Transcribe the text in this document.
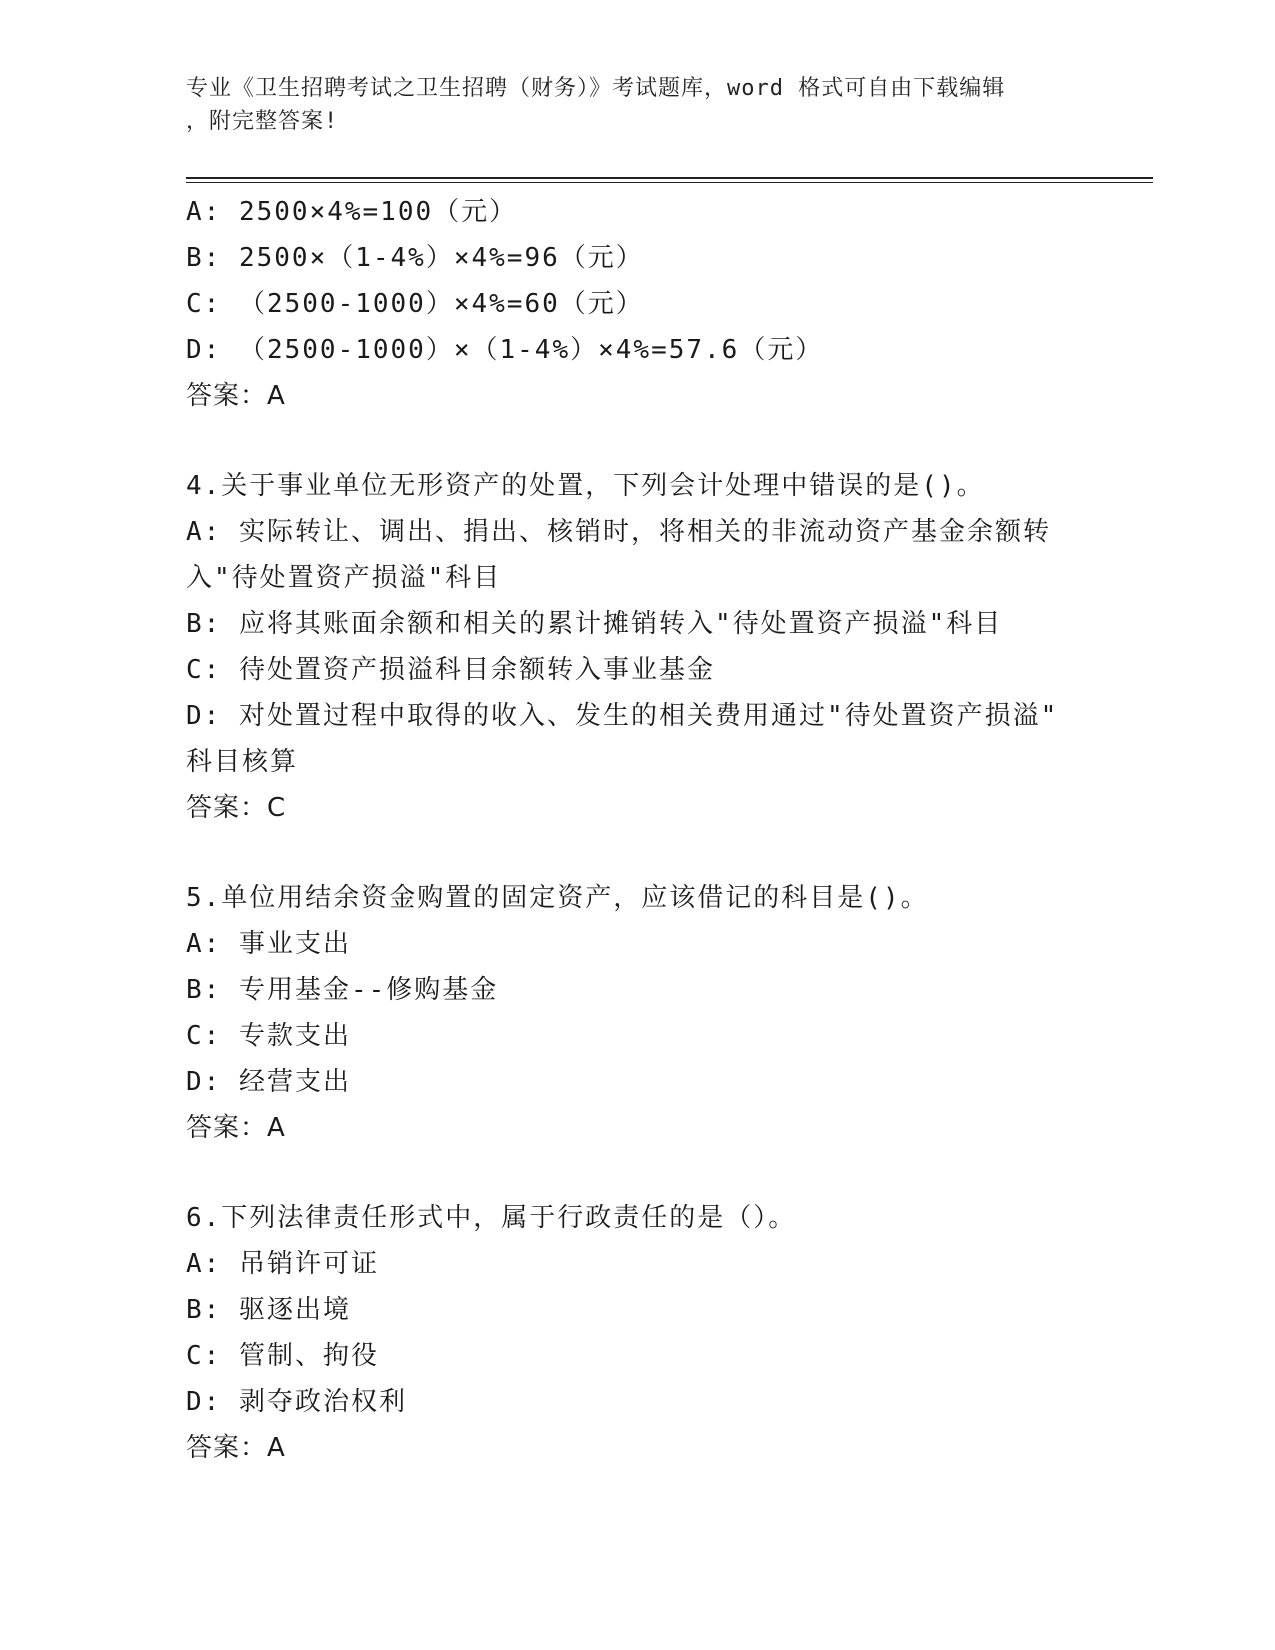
专业《卫生招聘考试之卫生招聘（财务）》考试题库，word 格式可自由下载编辑
，附完整答案!
A: 2500×4%=100（元）
B: 2500×（1-4%）×4%=96（元）
C: （2500-1000）×4%=60（元）
D: （2500-1000）×（1-4%）×4%=57.6（元）
答案：A
4.关于事业单位无形资产的处置，下列会计处理中错误的是()。
A: 实际转让、调出、捐出、核销时，将相关的非流动资产基金余额转
入"待处置资产损溢"科目
B: 应将其账面余额和相关的累计摊销转入"待处置资产损溢"科目
C: 待处置资产损溢科目余额转入事业基金
D: 对处置过程中取得的收入、发生的相关费用通过"待处置资产损溢"
科目核算
答案：C
5.单位用结余资金购置的固定资产，应该借记的科目是()。
A: 事业支出
B: 专用基金--修购基金
C: 专款支出
D: 经营支出
答案：A
6.下列法律责任形式中，属于行政责任的是（）。
A: 吊销许可证
B: 驱逐出境
C: 管制、拘役
D: 剥夺政治权利
答案：A
